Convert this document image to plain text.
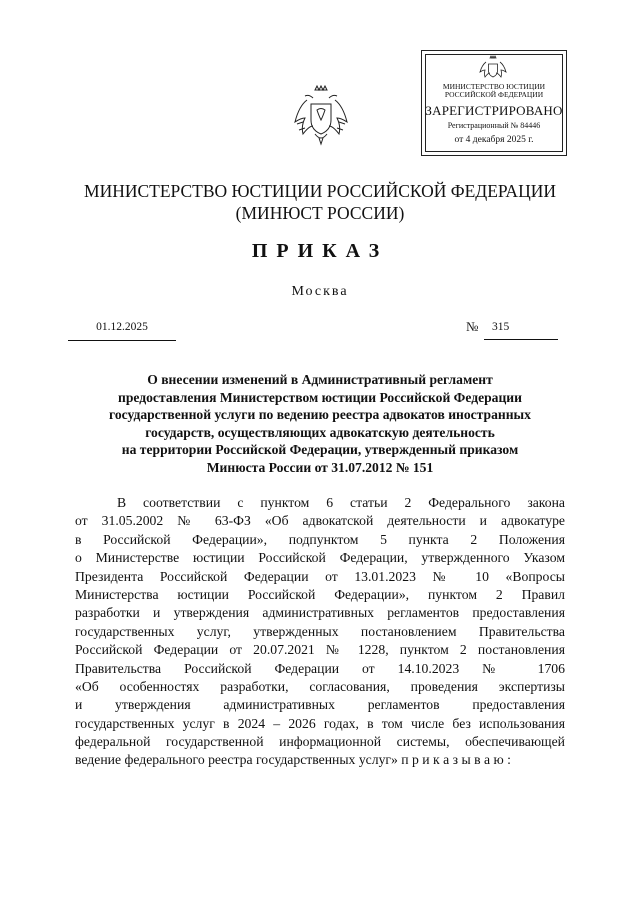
МИНИСТЕРСТВО ЮСТИЦИИ
РОССИЙСКОЙ ФЕДЕРАЦИИ
ЗАРЕГИСТРИРОВАНО
Регистрационный № 84446
от 4 декабря 2025 г.
МИНИСТЕРСТВО ЮСТИЦИИ РОССИЙСКОЙ ФЕДЕРАЦИИ
(МИНЮСТ РОССИИ)
ПРИКАЗ
Москва
01.12.2025	№	315
О внесении изменений в Административный регламент
предоставления Министерством юстиции Российской Федерации
государственной услуги по ведению реестра адвокатов иностранных
государств, осуществляющих адвокатскую деятельность
на территории Российской Федерации, утвержденный приказом
Минюста России от 31.07.2012 № 151
В соответствии с пунктом 6 статьи 2 Федерального закона
от 31.05.2002 № 63-ФЗ «Об адвокатской деятельности и адвокатуре
в Российской Федерации», подпунктом 5 пункта 2 Положения
о Министерстве юстиции Российской Федерации, утвержденного Указом
Президента Российской Федерации от 13.01.2023 № 10 «Вопросы
Министерства юстиции Российской Федерации», пунктом 2 Правил
разработки и утверждения административных регламентов предоставления
государственных услуг, утвержденных постановлением Правительства
Российской Федерации от 20.07.2021 № 1228, пунктом 2 постановления
Правительства Российской Федерации от 14.10.2023 № 1706
«Об особенностях разработки, согласования, проведения экспертизы
и утверждения административных регламентов предоставления
государственных услуг в 2024 – 2026 годах, в том числе без использования
федеральной государственной информационной системы, обеспечивающей
ведение федерального реестра государственных услуг» п р и к а з ы в а ю :
